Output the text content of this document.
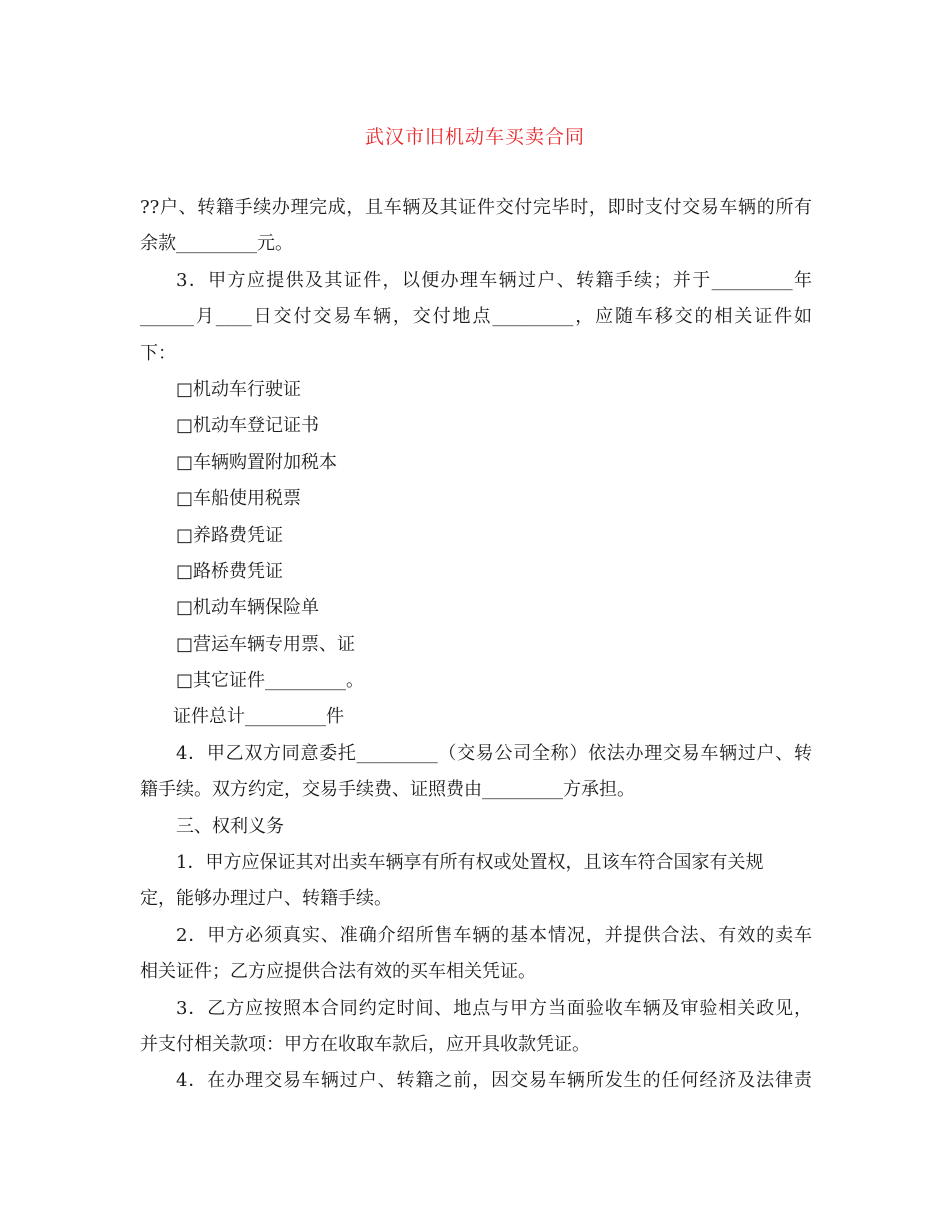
武汉市旧机动车买卖合同
??户、转籍手续办理完成，且车辆及其证件交付完毕时，即时支付交易车辆的所有
余款_________元。
3．甲方应提供及其证件，以便办理车辆过户、转籍手续；并于_________年
______月____日交付交易车辆，交付地点_________，应随车移交的相关证件如
下：
□机动车行驶证
□机动车登记证书
□车辆购置附加税本
□车船使用税票
□养路费凭证
□路桥费凭证
□机动车辆保险单
□营运车辆专用票、证
□其它证件_________。
证件总计_________件
4．甲乙双方同意委托_________（交易公司全称）依法办理交易车辆过户、转
籍手续。双方约定，交易手续费、证照费由_________方承担。
三、权利义务
1．甲方应保证其对出卖车辆享有所有权或处置权，且该车符合国家有关规
定，能够办理过户、转籍手续。
2．甲方必须真实、准确介绍所售车辆的基本情况，并提供合法、有效的卖车
相关证件；乙方应提供合法有效的买车相关凭证。
3．乙方应按照本合同约定时间、地点与甲方当面验收车辆及审验相关政见，
并支付相关款项：甲方在收取车款后，应开具收款凭证。
4．在办理交易车辆过户、转籍之前，因交易车辆所发生的任何经济及法律责
